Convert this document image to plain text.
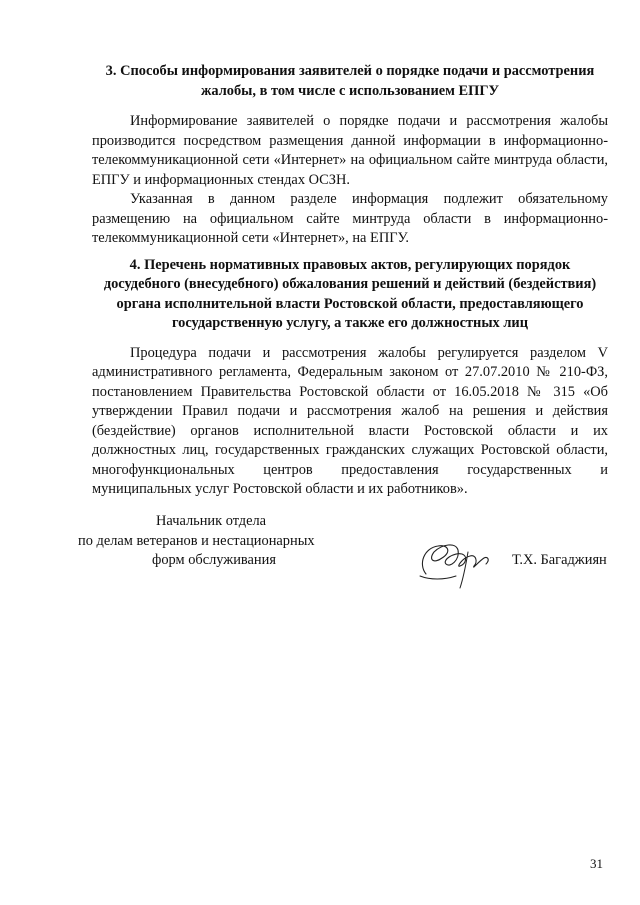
3. Способы информирования заявителей о порядке подачи и рассмотрения жалобы, в том числе с использованием ЕПГУ

Информирование заявителей о порядке подачи и рассмотрения жалобы производится посредством размещения данной информации в информационно-телекоммуникационной сети «Интернет» на официальном сайте минтруда области, ЕПГУ и информационных стендах ОСЗН.

Указанная в данном разделе информация подлежит обязательному размещению на официальном сайте минтруда области в информационно-телекоммуникационной сети «Интернет», на ЕПГУ.

4. Перечень нормативных правовых актов, регулирующих порядок досудебного (внесудебного) обжалования решений и действий (бездействия) органа исполнительной власти Ростовской области, предоставляющего государственную услугу, а также его должностных лиц

Процедура подачи и рассмотрения жалобы регулируется разделом V административного регламента, Федеральным законом от 27.07.2010 № 210-ФЗ, постановлением Правительства Ростовской области от 16.05.2018 № 315 «Об утверждении Правил подачи и рассмотрения жалоб на решения и действия (бездействие) органов исполнительной власти Ростовской области и их должностных лиц, государственных гражданских служащих Ростовской области, многофункциональных центров предоставления государственных и муниципальных услуг Ростовской области и их работников».

Начальник отдела
по делам ветеранов и нестационарных
форм обслуживания	Т.Х. Багаджиян
31
